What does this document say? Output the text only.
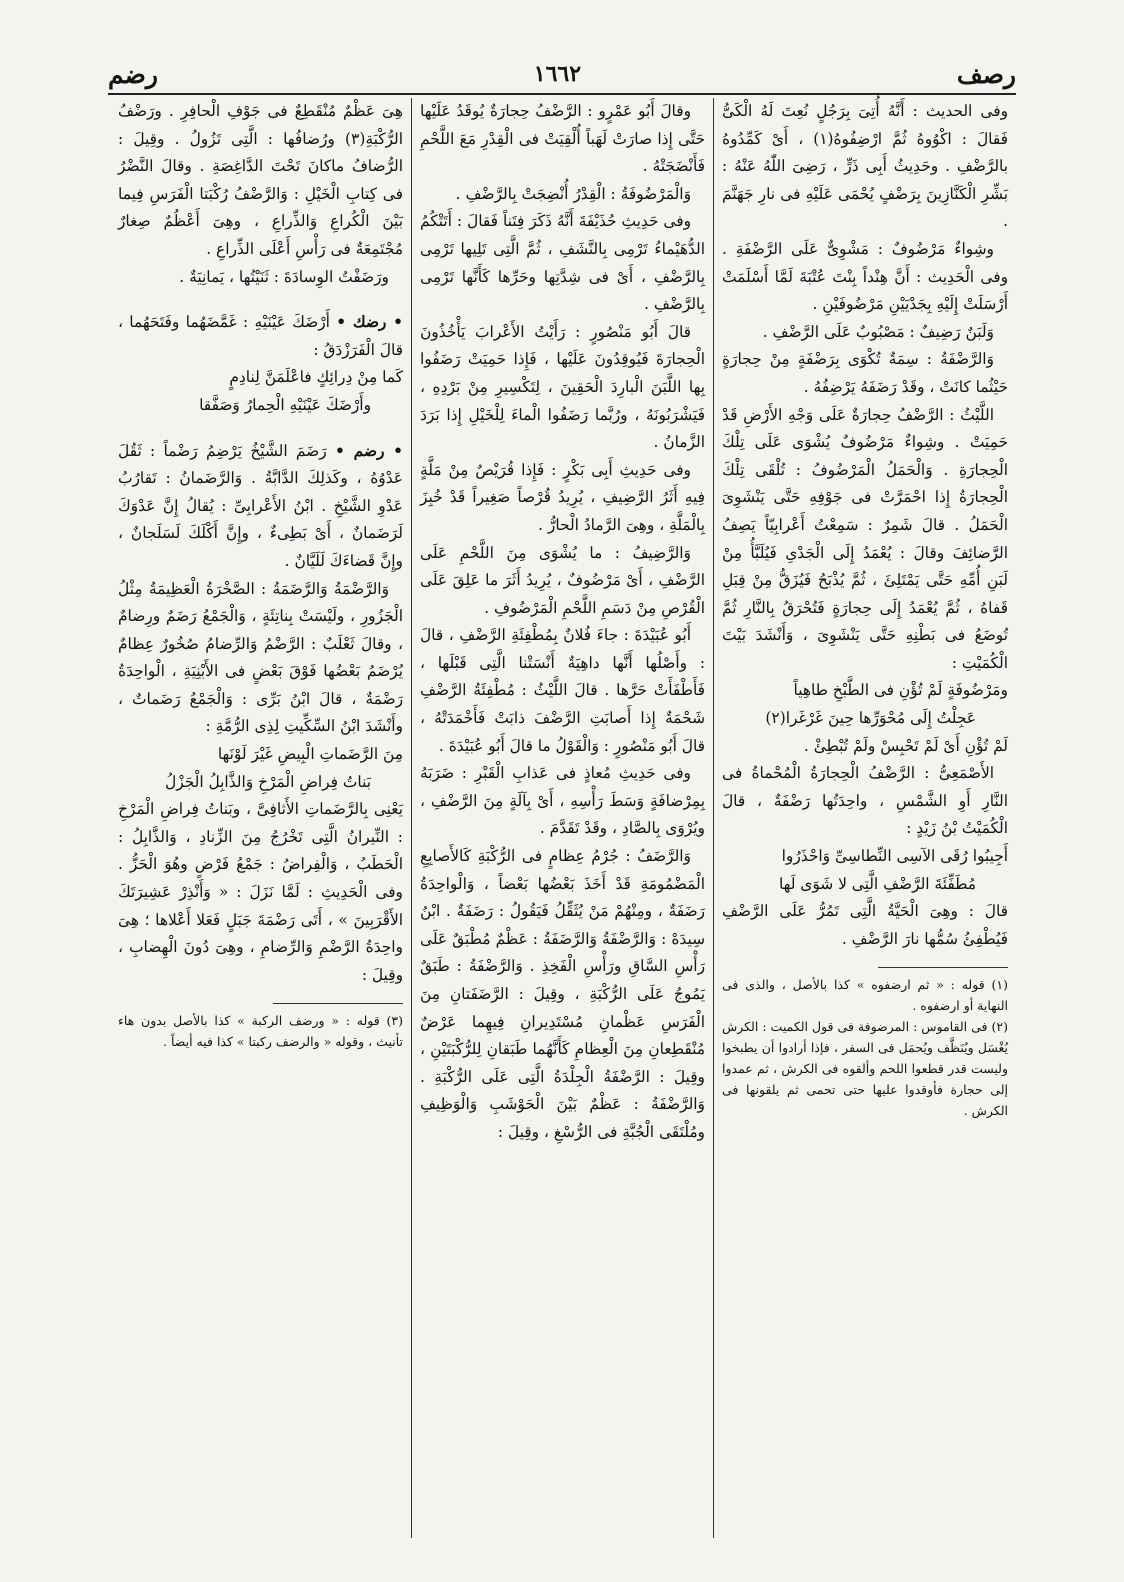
رصف
١٦٦٢
رضم

وفى الحديث : أَنَّهُ أُتِىَ بِرَجُلٍ نُعِتَ لَهُ الْكَىُّ فَقالَ : اكْوُوهُ ثُمَّ ارْضِفُوهُ(١) ، أَىْ كَمِّدُوهُ بالرَّضْفِ . وحَدِيثُ أَبِى ذَرٍّ ، رَضِىَ اللّٰهُ عَنْهُ : بَشِّرِ الْكَنَّازِينَ بِرَضْفٍ يُحْمَى عَلَيْهِ فى نارِ جَهَنَّمَ .

وشِواءٌ مَرْضُوفٌ : مَشْوِىٌّ عَلَى الرَّضْفَةِ . وفى الْحَدِيث : أَنَّ هِنْداً بِنْتَ عُتْبَةَ لَمَّا أَسْلَمَتْ أَرْسَلَتْ إِلَيْهِ بِجَدْيَيْنِ مَرْضُوفَيْنِ .

وَلَبَنٌ رَضِيفٌ : مَصْبُوبٌ عَلَى الرَّضْفِ .

وَالرَّضْفَةُ : سِمَةٌ تُكْوَى بِرَضْفَةٍ مِنْ حِجارَةٍ حَيْثُما كانَتْ ، وقَدْ رَضَفَهُ يَرْضِفُهُ .

اللَّيْثُ : الرَّضْفُ حِجارَةٌ عَلَى وَجْهِ الأَرْضِ قَدْ حَمِيَتْ . وشِواءٌ مَرْضُوفٌ يُشْوَى عَلَى تِلْكَ الْحِجارَةِ . وَالْحَمَلُ الْمَرْضُوفُ : تُلْقَى تِلْكَ الْحِجارَةُ إِذا احْمَرَّتْ فى جَوْفِهِ حَتَّى يَنْشَوِىَ الْحَمَلُ . قالَ شَمِرٌ : سَمِعْتُ أَعْرابِيّاً يَصِفُ الرَّضائِفَ وقالَ : يُعْمَدُ إِلَى الْجَدْىِ فَيُلَبَّأُ مِنْ لَبَنِ أُمِّهِ حَتَّى يَمْتَلِئَ ، ثُمَّ يُذْبَحُ فَيُزَقُّ مِنْ قِبَلِ قَفاهُ ، ثُمَّ يُعْمَدُ إِلَى حِجارَةٍ فَتُحْرَقُ بِالنَّارِ ثُمَّ تُوضَعُ فى بَطْنِهِ حَتَّى يَنْشَوِىَ ، وَأَنْشَدَ بَيْتَ الْكُمَيْتِ :

ومَرْضُوفَةٍ لَمْ تُؤْنِ فى الطَّبْخِ طاهِياً

عَجِلْتُ إِلَى مُحْوَرِّها حِينَ غَرْغَرا(٢)

لَمْ تُؤْنِ أَىْ لَمْ تَحْبِسْ ولَمْ تُبْطِئْ .

الأَصْمَعِىُّ : الرَّضْفُ الْحِجارَةُ الْمُحْماةُ فى النَّارِ أَوِ الشَّمْسِ ، واحِدَتُها رَضْفَةٌ ، قالَ الْكُمَيْتُ بْنُ زَيْدٍ :

أَجِيبُوا رُقَى الآسِى النِّطاسِىِّ وَاحْذَرُوا

مُطَفِّئَةَ الرَّضْفِ الَّتِى لا شَوَى لَها

قالَ : وهِىَ الْحَيَّةُ الَّتِى تَمُرُّ عَلَى الرَّضْفِ فَيُطْفِئُ سُمُّها نارَ الرَّضْفِ .

(١) قوله : « ثم ارضفوه » كذا بالأصل ، والذى فى النهاية أو ارضفوه .

(٢) فى القاموس : المرضوفة فى قول الكميت : الكرش يُغْسَل ويُنَظَّف ويُحمَل فى السفر ، فإذا أرادوا أن يطبخوا وليست قدر قطعوا اللحم وألقوه فى الكرش ، ثم عمدوا إلى حجارة فأوقدوا عليها حتى تحمى ثم يلقونها فى الكرش .

وقالَ أَبُو عَمْرٍو : الرَّضْفُ حِجارَةٌ يُوقَدُ عَلَيْها حَتَّى إِذا صارَتْ لَهَباً أُلْقِيَتْ فى الْقِدْرِ مَعَ اللَّحْمِ فَأَنْضَجَتْهُ .

وَالْمَرْضُوفَةُ : الْقِدْرُ أُنْضِجَتْ بِالرَّضْفِ .

وفى حَدِيثِ حُذَيْفَةَ أَنَّهُ ذَكَرَ فِتَناً فَقالَ : أَتَتْكُمُ الدُّهَيْماءُ تَرْمِى بِالنَّشَفِ ، ثُمَّ الَّتِى تَلِيها تَرْمِى بِالرَّضْفِ ، أَىْ فى شِدَّتِها وحَرِّها كَأَنَّها تَرْمِى بِالرَّضْفِ .

قالَ أَبُو مَنْصُورٍ : رَأَيْتُ الأَعْرابَ يَأْخُذُونَ الْحِجارَةَ فَيُوقِدُونَ عَلَيْها ، فَإِذا حَمِيَتْ رَضَفُوا بِها اللَّبَنَ الْبارِدَ الْحَقِينَ ، لِتَكْسِيرِ مِنْ بَرْدِهِ ، فَيَشْرَبُونَهُ ، ورُبَّما رَضَفُوا الْماءَ لِلْخَيْلِ إِذا بَرَدَ الزَّمانُ .

وفى حَدِيثِ أَبِى بَكْرٍ : فَإِذا قُرَيْصٌ مِنْ مَلَّةٍ فِيهِ أَثَرُ الرَّضِيفِ ، يُرِيدُ قُرْصاً صَغِيراً قَدْ خُبِزَ بِالْمَلَّةِ ، وهِىَ الرَّمادُ الْحارُّ .

وَالرَّضِيفُ : ما يُشْوَى مِنَ اللَّحْمِ عَلَى الرَّضْفِ ، أَىْ مَرْضُوفٌ ، يُرِيدُ أَثَرَ ما عَلِقَ عَلَى الْقُرْصِ مِنْ دَسَمِ اللَّحْمِ الْمَرْضُوفِ .

أَبُو عُبَيْدَةَ : جاءَ فُلانٌ بِمُطْفِئَةِ الرَّضْفِ ، قالَ : وأَصْلُها أَنَّها داهِيَةٌ أَنْسَتْنا الَّتِى قَبْلَها ، فَأَطْفَأَتْ حَرَّها . قالَ اللَّيْثُ : مُطْفِئَةُ الرَّضْفِ شَحْمَةٌ إِذا أَصابَتِ الرَّضْفَ ذابَتْ فَأَخْمَدَتْهُ ، قالَ أَبُو مَنْصُورٍ : وَالْقَوْلُ ما قالَ أَبُو عُبَيْدَةَ .

وفى حَدِيثِ مُعاذٍ فى عَذابِ الْقَبْرِ : ضَرَبَهُ بِمِرْضافَةٍ وَسَطَ رَأْسِهِ ، أَىْ بِآلَةٍ مِنَ الرَّضْفِ ، ويُرْوَى بِالصَّادِ ، وقَدْ تَقَدَّمَ .

وَالرَّضَفُ : جُرْمُ عِظامٍ فى الرُّكْبَةِ كَالأَصابِعِ الْمَضْمُومَةِ قَدْ أَخَذَ بَعْضُها بَعْضاً ، وَالْواحِدَةُ رَضَفَةٌ ، ومِنْهُمْ مَنْ يُثَقِّلُ فَيَقُولُ : رَضَفَةٌ . ابْنُ سِيدَهْ : وَالرَّضْفَةُ وَالرَّضَفَةُ : عَظْمٌ مُطْبَقٌ عَلَى رَأْسِ السَّاقِ ورَأْسِ الْفَخِذِ . وَالرَّضْفَةُ : طَبَقٌ يَمُوجُ عَلَى الرُّكْبَةِ ، وقِيلَ : الرَّضَفَتانِ مِنَ الْفَرَسِ عَظْمانِ مُسْتَدِيرانِ فِيهِما عَرْضٌ مُنْقَطِعانِ مِنَ الْعِظامِ كَأَنَّهُما طَبَقانِ لِلرُّكْبَتَيْنِ ، وقِيلَ : الرَّضْفَةُ الْجِلْدَةُ الَّتِى عَلَى الرُّكْبَةِ . وَالرَّضْفَةُ : عَظْمٌ بَيْنَ الْحَوْشَبِ وَالْوَظِيفِ ومُلْتَقَى الْجُبَّةِ فى الرُّسْغِ ، وقِيلَ :

هِىَ عَظْمٌ مُنْقَطِعٌ فى جَوْفِ الْحافِرِ . ورَضْفُ الرُّكْبَةِ(٣) ورُضافُها : الَّتِى تَزُولُ . وقِيلَ : الرُّضافُ ماكانَ تَحْتَ الدَّاغِصَةِ . وقالَ النَّضْرُ فى كِتابِ الْخَيْلِ : وَالرَّضْفُ رُكْبَتا الْفَرَسِ فِيما بَيْنَ الْكُراعِ وَالذِّراعِ ، وهِىَ أَعْظُمٌ صِغارٌ مُجْتَمِعَةٌ فى رَأْسِ أَعْلَى الذِّراعِ .

ورَضَفْتُ الوِسادَةَ : ثَنَيْتُها ، يَمانِيَةٌ .

• رضك • أَرْضَكَ عَيْنَيْهِ : غَمَّضَهُما وفَتَحَهُما ، قالَ الْفَرَزْدَقُ :

كَما مِنْ دِرائِكٍ فاعْلَمَنَّ لِنادِمٍ

وأَرْضَكَ عَيْنَيْهِ الْحِمارُ وَصَفَّقا

• رضم • رَضَمَ الشَّيْخُ يَرْضِمُ رَضْماً : ثَقُلَ عَدْوُهُ ، وكَذلِكَ الدَّابَّةُ . وَالرَّضَمانُ : تَقارُبُ عَدْوِ الشَّيْخِ . ابْنُ الأَعْرابِىِّ : يُقالُ إِنَّ عَدْوَكَ لَرَضَمانٌ ، أَىْ بَطِىءٌ ، وإِنَّ أَكْلَكَ لَسَلَجانٌ ، وإِنَّ قَضاءَكَ لَلَيَّانٌ .

وَالرَّضْمَةُ وَالرَّضَمَةُ : الصَّخْرَةُ الْعَظِيمَةُ مِثْلُ الْجَزُورِ ، ولَيْسَتْ بِناتِئَةٍ ، وَالْجَمْعُ رَضَمٌ ورِضامٌ ، وقالَ ثَعْلَبٌ : الرَّضْمُ وَالرِّضامُ صُخُورٌ عِظامٌ يُرْضَمُ بَعْضُها فَوْقَ بَعْضٍ فى الأَبْنِيَةِ ، الْواحِدَةُ رَضْمَةٌ ، قالَ ابْنُ بَرِّى : وَالْجَمْعُ رَضَماتٌ ، وأَنْشَدَ ابْنُ السِّكِّيتِ لِذِى الرُّمَّةِ :

مِنَ الرَّضَماتِ الْبِيضِ غَيْرَ لَوْنَها

بَناتُ فِراضِ الْمَرْخِ وَالذَّابِلُ الْجَزْلُ

يَعْنِى بِالرَّضَماتِ الأَثافِىَّ ، وبَناتُ فِراضِ الْمَرْخِ : النِّيرانُ الَّتِى تَخْرُجُ مِنَ الزِّنادِ ، وَالذَّابِلُ : الْحَطَبُ ، وَالْفِراضُ : جَمْعُ فَرْضٍ وهُوَ الْحَزُّ . وفى الْحَدِيثِ : لَمَّا نَزَلَ : « وَأَنْذِرْ عَشِيرَتَكَ الأَقْرَبِينَ » ، أَتَى رَضْمَةَ جَبَلٍ فَعَلا أَعْلاها ؛ هِىَ واحِدَةُ الرَّضْمِ وَالرِّضامِ ، وهِىَ دُونَ الْهِضابِ ، وقِيلَ :

(٣) قوله : « ورضف الركبة » كذا بالأصل بدون هاء تأنيث ، وقوله « والرضف ركبتا » كذا فيه أيضاً .
